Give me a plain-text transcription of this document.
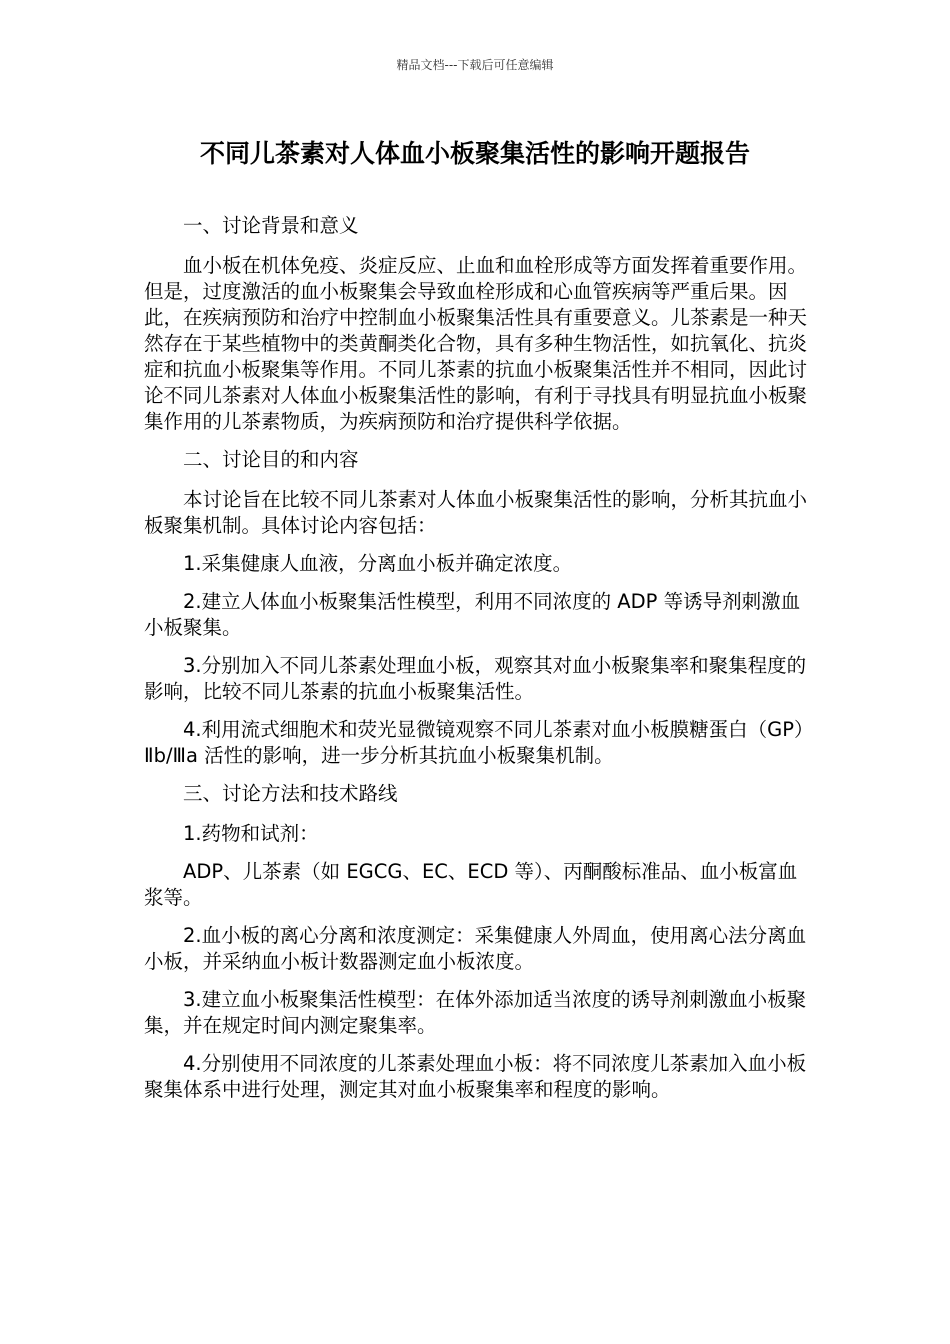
精品文档---下载后可任意编辑
不同儿茶素对人体血小板聚集活性的影响开题报告

一、讨论背景和意义

血小板在机体免疫、炎症反应、止血和血栓形成等方面发挥着重要作用。但是，过度激活的血小板聚集会导致血栓形成和心血管疾病等严重后果。因此，在疾病预防和治疗中控制血小板聚集活性具有重要意义。儿茶素是一种天然存在于某些植物中的类黄酮类化合物，具有多种生物活性，如抗氧化、抗炎症和抗血小板聚集等作用。不同儿茶素的抗血小板聚集活性并不相同，因此讨论不同儿茶素对人体血小板聚集活性的影响，有利于寻找具有明显抗血小板聚集作用的儿茶素物质，为疾病预防和治疗提供科学依据。

二、讨论目的和内容

本讨论旨在比较不同儿茶素对人体血小板聚集活性的影响，分析其抗血小板聚集机制。具体讨论内容包括：

1.采集健康人血液，分离血小板并确定浓度。

2.建立人体血小板聚集活性模型，利用不同浓度的 ADP 等诱导剂刺激血小板聚集。

3.分别加入不同儿茶素处理血小板，观察其对血小板聚集率和聚集程度的影响，比较不同儿茶素的抗血小板聚集活性。

4.利用流式细胞术和荧光显微镜观察不同儿茶素对血小板膜糖蛋白（GP）Ⅱb/Ⅲa 活性的影响，进一步分析其抗血小板聚集机制。

三、讨论方法和技术路线

1.药物和试剂：

ADP、儿茶素（如 EGCG、EC、ECD 等）、丙酮酸标准品、血小板富血浆等。

2.血小板的离心分离和浓度测定：采集健康人外周血，使用离心法分离血小板，并采纳血小板计数器测定血小板浓度。

3.建立血小板聚集活性模型：在体外添加适当浓度的诱导剂刺激血小板聚集，并在规定时间内测定聚集率。

4.分别使用不同浓度的儿茶素处理血小板：将不同浓度儿茶素加入血小板聚集体系中进行处理，测定其对血小板聚集率和程度的影响。
